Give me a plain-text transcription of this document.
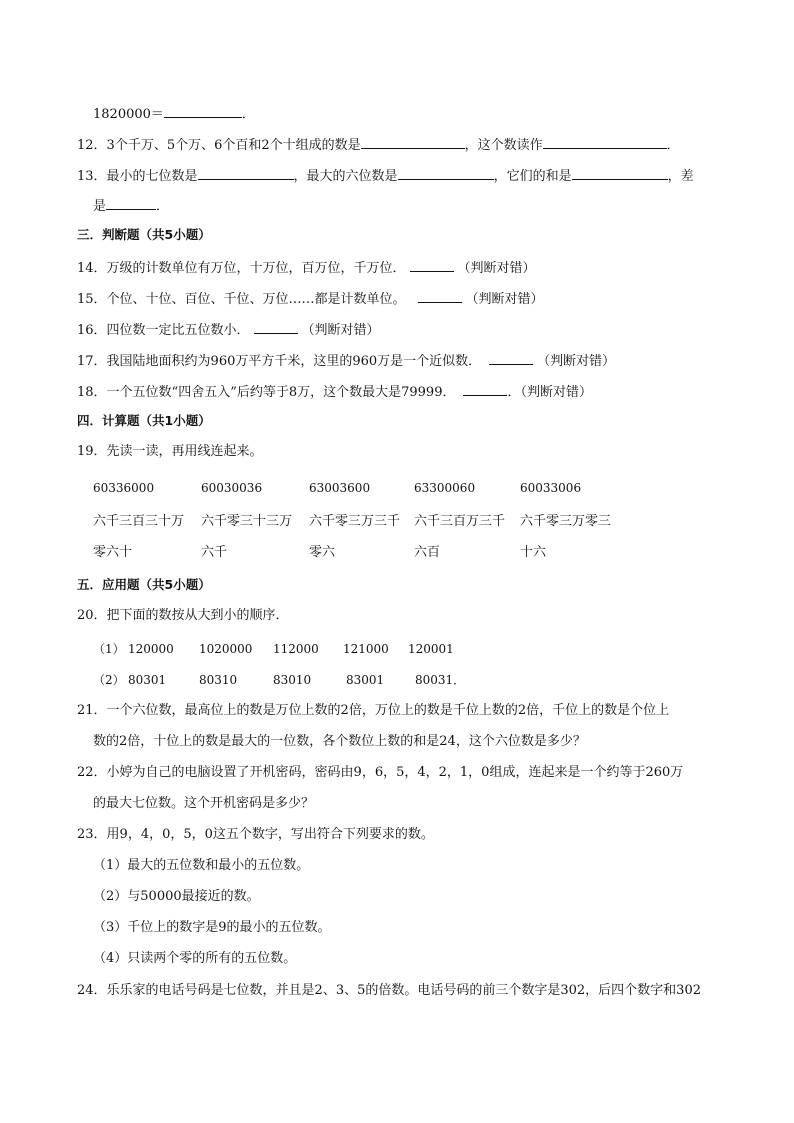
1820000＝	．
12．3个千万、5个万、6个百和2个十组成的数是	，这个数读作	．
13．最小的七位数是	，最大的六位数是	，它们的和是	，差
是	．
三．判断题（共5小题）
14．万级的计数单位有万位，十万位，百万位，千万位．	（判断对错）
15．个位、十位、百位、千位、万位……都是计数单位。	（判断对错）
16．四位数一定比五位数小．	（判断对错）
17．我国陆地面积约为960万平方千米，这里的960万是一个近似数．	（判断对错）
18．一个五位数“四舍五入”后约等于8万，这个数最大是79999．	．（判断对错）
四．计算题（共1小题）
19．先读一读，再用线连起来。
60336000	60030036	63003600	63300060	60033006
六千三百三十万 六千零三十三万 六千零三万三千 六千三百万三千 六千零三万零三
零六十	六千	零六	六百	十六
五．应用题（共5小题）
20．把下面的数按从大到小的顺序．
（1） 120000 1020000 112000 121000 120001
（2） 80301	80310	83010	83001	80031．
21．一个六位数，最高位上的数是万位上数的2倍，万位上的数是千位上数的2倍，千位上的数是个位上
数的2倍，十位上的数是最大的一位数，各个数位上数的和是24，这个六位数是多少？
22．小婷为自己的电脑设置了开机密码，密码由9，6，5，4，2，1，0组成，连起来是一个约等于260万
的最大七位数。这个开机密码是多少？
23．用9，4，0，5，0这五个数字，写出符合下列要求的数。
（1）最大的五位数和最小的五位数。
（2）与50000最接近的数。
（3）千位上的数字是9的最小的五位数。
（4）只读两个零的所有的五位数。
24．乐乐家的电话号码是七位数，并且是2、3、5的倍数。电话号码的前三个数字是302，后四个数字和302
